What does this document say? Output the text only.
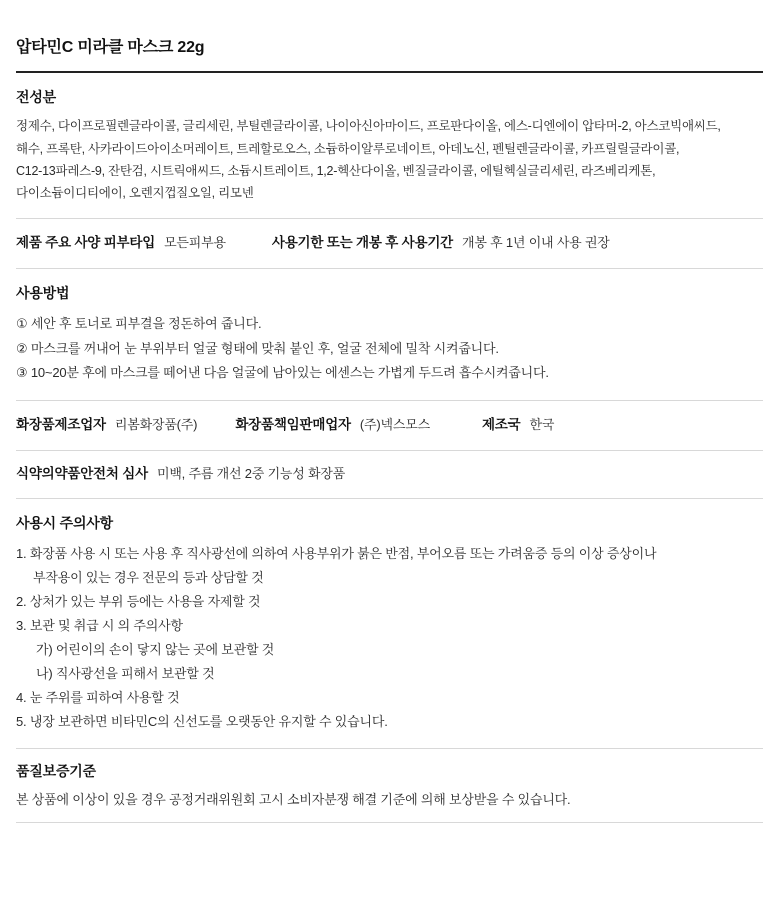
압타민C 미라클 마스크 22g
전성분
정제수, 다이프로필렌글라이콜, 글리세린, 부틸렌글라이콜, 나이아신아마이드, 프로판다이올, 에스-디엔에이 압타머-2, 아스코빅애씨드,
해수, 프록탄, 사카라이드아이소머레이트, 트레할로오스, 소듐하이알루로네이트, 아데노신, 펜틸렌글라이콜, 카프릴릴글라이콜,
C12-13파레스-9, 잔탄검, 시트릭애씨드, 소듐시트레이트, 1,2-헥산다이올, 벤질글라이콜, 에틸헥실글리세린, 라즈베리케톤,
다이소듐이디티에이, 오렌지껍질오일, 리모넨
제품 주요 사양 피부타입 모든피부용	사용기한 또는 개봉 후 사용기간 개봉 후 1년 이내 사용 권장
사용방법

① 세안 후 토너로 피부결을 정돈하여 줍니다.

② 마스크를 꺼내어 눈 부위부터 얼굴 형태에 맞춰 붙인 후, 얼굴 전체에 밀착 시켜줍니다.

③ 10~20분 후에 마스크를 떼어낸 다음 얼굴에 남아있는 에센스는 가볍게 두드려 흡수시켜줍니다.

화장품제조업자 리봄화장품(주)	화장품책임판매업자 (주)넥스모스	제조국 한국
식약의약품안전처 심사 미백, 주름 개선 2중 기능성 화장품
사용시 주의사항

1. 화장품 사용 시 또는 사용 후 직사광선에 의하여 사용부위가 붉은 반점, 부어오름 또는 가려움증 등의 이상 증상이나

부작용이 있는 경우 전문의 등과 상담할 것

2. 상처가 있는 부위 등에는 사용을 자제할 것

3. 보관 및 취급 시 의 주의사항

가) 어린이의 손이 닿지 않는 곳에 보관할 것

나) 직사광선을 피해서 보관할 것

4. 눈 주위를 피하여 사용할 것

5. 냉장 보관하면 비타민C의 신선도를 오랫동안 유지할 수 있습니다.

품질보증기준
본 상품에 이상이 있을 경우 공정거래위원회 고시 소비자분쟁 해결 기준에 의해 보상받을 수 있습니다.
